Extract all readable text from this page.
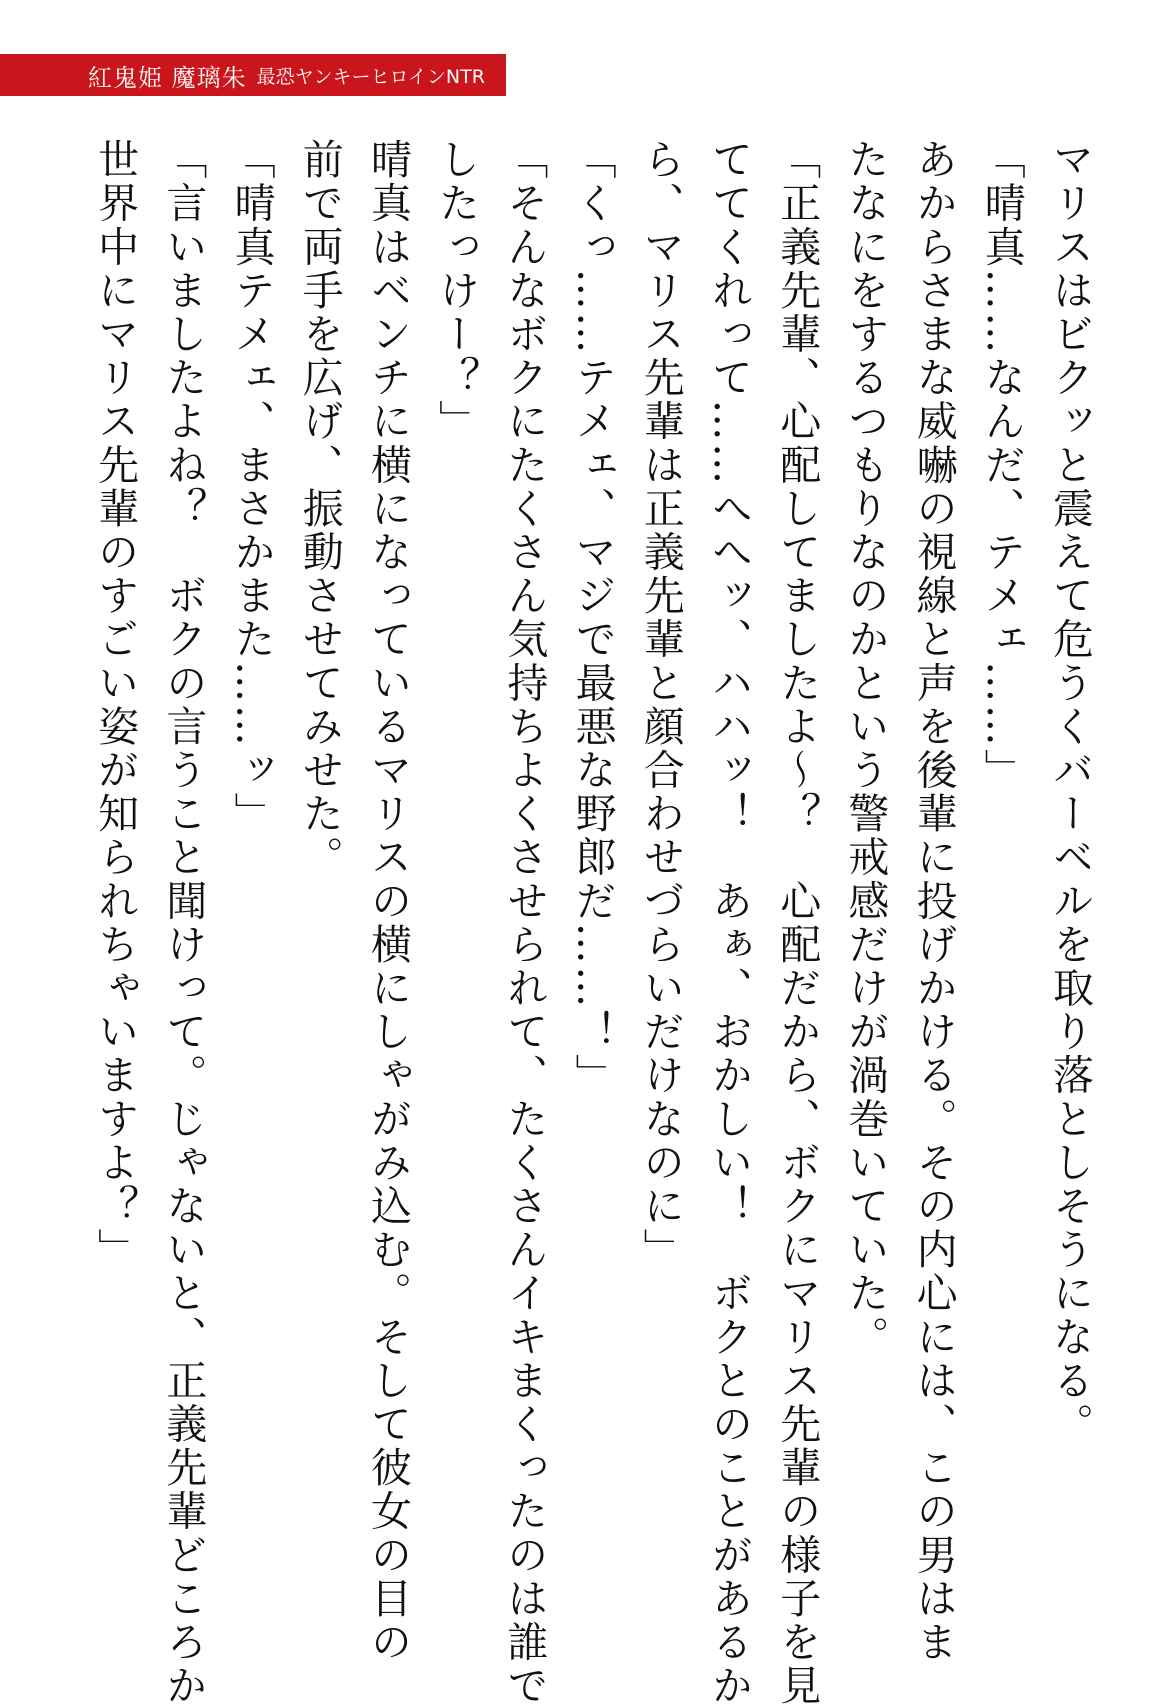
紅鬼姫 魔璃朱 最恐ヤンキーヒロインNTR
マリスはビクッと震えて危うくバーベルを取り落としそうになる。
「晴真……なんだ、テメェ……」
あからさまな威嚇の視線と声を後輩に投げかける。その内心には、この男はま
たなにをするつもりなのかという警戒感だけが渦巻いていた。
「正義先輩、心配してましたよ〜？　心配だから、ボクにマリス先輩の様子を見
ててくれって……へへッ、ハハッ！　あぁ、おかしい！　ボクとのことがあるか
ら、マリス先輩は正義先輩と顔合わせづらいだけなのに」
「くっ……テメェ、マジで最悪な野郎だ……！」
「そんなボクにたくさん気持ちよくさせられて、たくさんイキまくったのは誰で
したっけー？」
晴真はベンチに横になっているマリスの横にしゃがみ込む。そして彼女の目の
前で両手を広げ、振動させてみせた。
「晴真テメェ、まさかまた……ッ」
「言いましたよね？　ボクの言うこと聞けって。じゃないと、正義先輩どころか
世界中にマリス先輩のすごい姿が知られちゃいますよ？」
